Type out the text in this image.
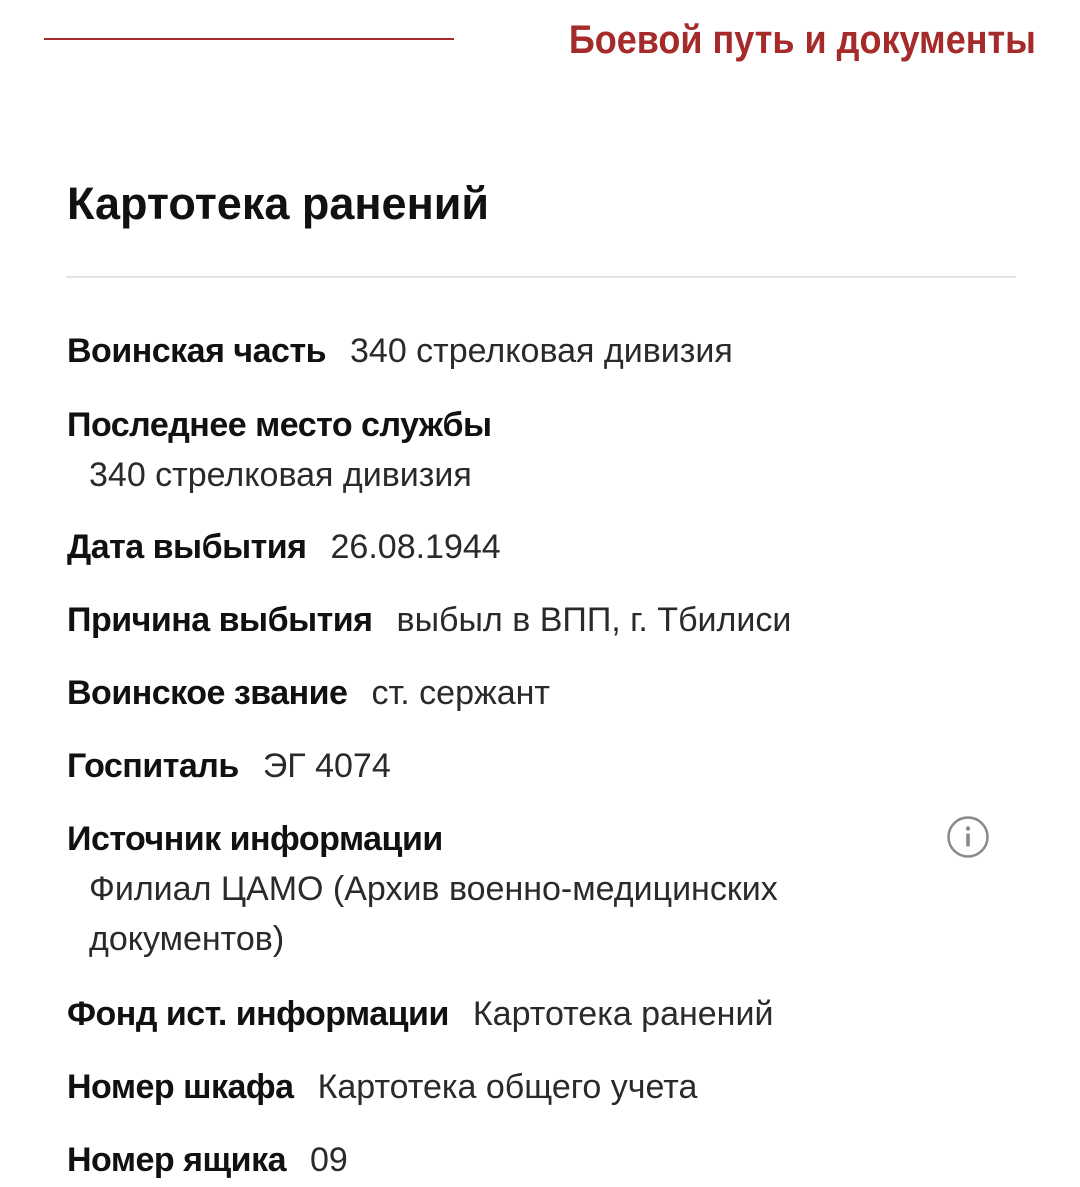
Боевой путь и документы
Картотека ранений
Воинская часть 340 стрелковая дивизия
Последнее место службы
340 стрелковая дивизия
Дата выбытия 26.08.1944
Причина выбытия выбыл в ВПП, г. Тбилиси
Воинское звание ст. сержант
Госпиталь ЭГ 4074
Источник информации
Филиал ЦАМО (Архив военно-медицинских документов)
Фонд ист. информации Картотека ранений
Номер шкафа Картотека общего учета
Номер ящика 09
